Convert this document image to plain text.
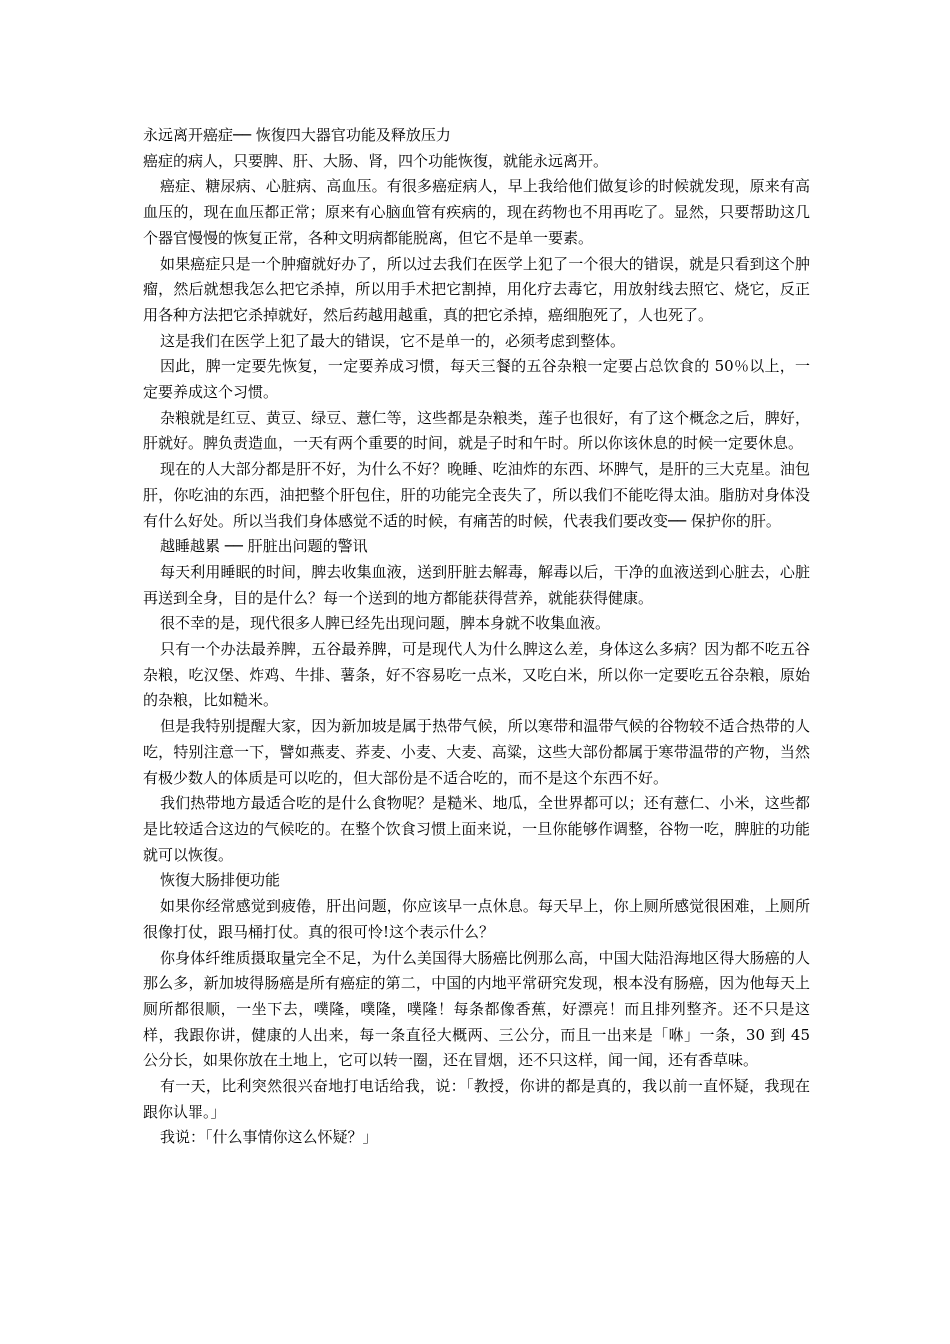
永远离开癌症── 恢復四大器官功能及释放压力

癌症的病人，只要脾、肝、大肠、肾，四个功能恢復，就能永远离开。

癌症、糖尿病、心脏病、高血压。有很多癌症病人，早上我给他们做复诊的时候就发现，原来有高血压的，现在血压都正常；原来有心脑血管有疾病的，现在药物也不用再吃了。显然，只要帮助这几个器官慢慢的恢复正常，各种文明病都能脱离，但它不是单一要素。

如果癌症只是一个肿瘤就好办了，所以过去我们在医学上犯了一个很大的错误，就是只看到这个肿瘤，然后就想我怎么把它杀掉，所以用手术把它割掉，用化疗去毒它，用放射线去照它、烧它，反正用各种方法把它杀掉就好，然后药越用越重，真的把它杀掉，癌细胞死了，人也死了。

这是我们在医学上犯了最大的错误，它不是单一的，必须考虑到整体。

因此，脾一定要先恢复，一定要养成习惯，每天三餐的五谷杂粮一定要占总饮食的 50％以上，一定要养成这个习惯。

杂粮就是红豆、黄豆、绿豆、薏仁等，这些都是杂粮类，莲子也很好，有了这个概念之后，脾好，肝就好。脾负责造血，一天有两个重要的时间，就是子时和午时。所以你该休息的时候一定要休息。

现在的人大部分都是肝不好，为什么不好？晚睡、吃油炸的东西、坏脾气，是肝的三大克星。油包肝，你吃油的东西，油把整个肝包住，肝的功能完全丧失了，所以我们不能吃得太油。脂肪对身体没有什么好处。所以当我们身体感觉不适的时候，有痛苦的时候，代表我们要改变── 保护你的肝。

越睡越累 ── 肝脏出问题的警讯

每天利用睡眠的时间，脾去收集血液，送到肝脏去解毒，解毒以后，干净的血液送到心脏去，心脏再送到全身，目的是什么？每一个送到的地方都能获得营养，就能获得健康。

很不幸的是，现代很多人脾已经先出现问题，脾本身就不收集血液。

只有一个办法最养脾，五谷最养脾，可是现代人为什么脾这么差，身体这么多病？因为都不吃五谷杂粮，吃汉堡、炸鸡、牛排、薯条，好不容易吃一点米，又吃白米，所以你一定要吃五谷杂粮，原始的杂粮，比如糙米。

但是我特别提醒大家，因为新加坡是属于热带气候，所以寒带和温带气候的谷物较不适合热带的人吃，特别注意一下，譬如燕麦、荞麦、小麦、大麦、高粱，这些大部份都属于寒带温带的产物，当然有极少数人的体质是可以吃的，但大部份是不适合吃的，而不是这个东西不好。

我们热带地方最适合吃的是什么食物呢？是糙米、地瓜，全世界都可以；还有薏仁、小米，这些都是比较适合这边的气候吃的。在整个饮食习惯上面来说，一旦你能够作调整，谷物一吃，脾脏的功能就可以恢復。

恢復大肠排便功能

如果你经常感觉到疲倦，肝出问题，你应该早一点休息。每天早上，你上厕所感觉很困难，上厕所很像打仗，跟马桶打仗。真的很可怜!这个表示什么？

你身体纤维质摄取量完全不足，为什么美国得大肠癌比例那么高，中国大陆沿海地区得大肠癌的人那么多，新加坡得肠癌是所有癌症的第二，中国的内地平常研究发现，根本没有肠癌，因为他每天上厕所都很顺，一坐下去，噗隆，噗隆，噗隆！每条都像香蕉，好漂亮！而且排列整齐。还不只是这样，我跟你讲，健康的人出来，每一条直径大概两、三公分，而且一出来是「咻」一条，30 到 45 公分长，如果你放在土地上，它可以转一圈，还在冒烟，还不只这样，闻一闻，还有香草味。

有一天，比利突然很兴奋地打电话给我，说：「教授，你讲的都是真的，我以前一直怀疑，我现在跟你认罪。」

我说：「什么事情你这么怀疑？」
